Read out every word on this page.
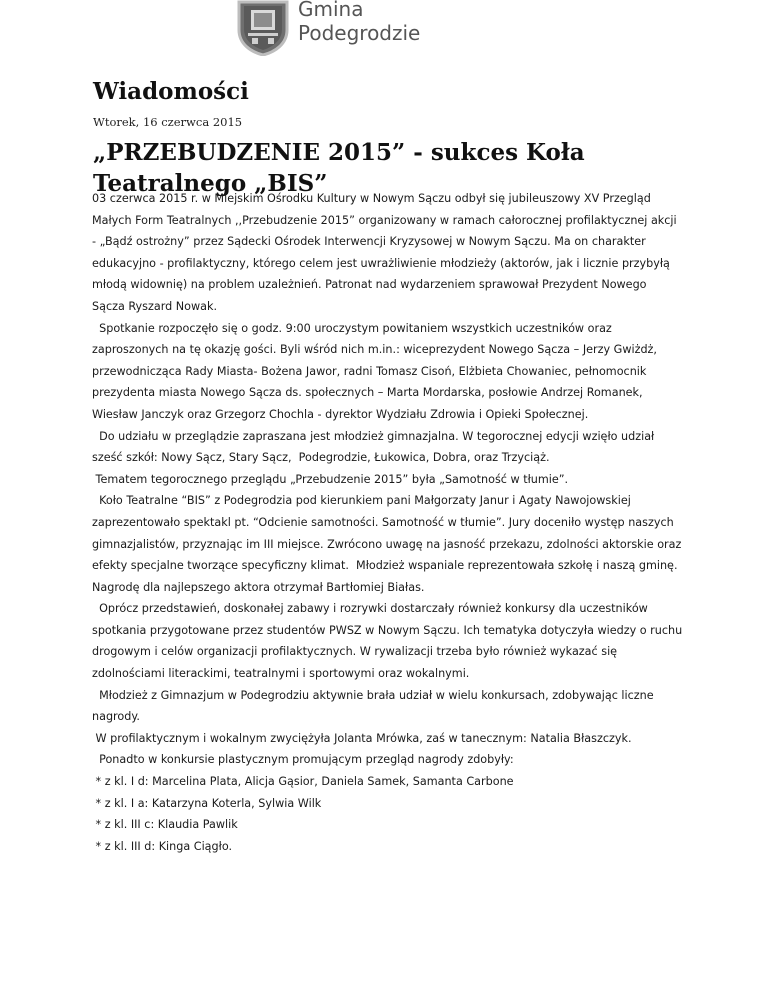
Gmina
Podegrodzie
Wiadomości
Wtorek, 16 czerwca 2015
„PRZEBUDZENIE 2015” - sukces Koła
Teatralnego „BIS”
03 czerwca 2015 r. w Miejskim Ośrodku Kultury w Nowym Sączu odbył się jubileuszowy XV Przegląd
Małych Form Teatralnych ,,Przebudzenie 2015” organizowany w ramach całorocznej profilaktycznej akcji
- „Bądź ostrożny” przez Sądecki Ośrodek Interwencji Kryzysowej w Nowym Sączu. Ma on charakter
edukacyjno - profilaktyczny, którego celem jest uwrażliwienie młodzieży (aktorów, jak i licznie przybyłą
młodą widownię) na problem uzależnień. Patronat nad wydarzeniem sprawował Prezydent Nowego
Sącza Ryszard Nowak.
Spotkanie rozpoczęło się o godz. 9:00 uroczystym powitaniem wszystkich uczestników oraz
zaproszonych na tę okazję gości. Byli wśród nich m.in.: wiceprezydent Nowego Sącza – Jerzy Gwiżdż,
przewodnicząca Rady Miasta- Bożena Jawor, radni Tomasz Cisoń, Elżbieta Chowaniec, pełnomocnik
prezydenta miasta Nowego Sącza ds. społecznych – Marta Mordarska, posłowie Andrzej Romanek,
Wiesław Janczyk oraz Grzegorz Chochla - dyrektor Wydziału Zdrowia i Opieki Społecznej.
Do udziału w przeglądzie zapraszana jest młodzież gimnazjalna. W tegorocznej edycji wzięło udział
sześć szkół: Nowy Sącz, Stary Sącz,  Podegrodzie, Łukowica, Dobra, oraz Trzyciąż.
Tematem tegorocznego przeglądu „Przebudzenie 2015” była „Samotność w tłumie”.
Koło Teatralne “BIS” z Podegrodzia pod kierunkiem pani Małgorzaty Janur i Agaty Nawojowskiej
zaprezentowało spektakl pt. “Odcienie samotności. Samotność w tłumie”. Jury doceniło występ naszych
gimnazjalistów, przyznając im III miejsce. Zwrócono uwagę na jasność przekazu, zdolności aktorskie oraz
efekty specjalne tworzące specyficzny klimat.  Młodzież wspaniale reprezentowała szkołę i naszą gminę.
Nagrodę dla najlepszego aktora otrzymał Bartłomiej Białas.
Oprócz przedstawień, doskonałej zabawy i rozrywki dostarczały również konkursy dla uczestników
spotkania przygotowane przez studentów PWSZ w Nowym Sączu. Ich tematyka dotyczyła wiedzy o ruchu
drogowym i celów organizacji profilaktycznych. W rywalizacji trzeba było również wykazać się
zdolnościami literackimi, teatralnymi i sportowymi oraz wokalnymi.
Młodzież z Gimnazjum w Podegrodziu aktywnie brała udział w wielu konkursach, zdobywając liczne
nagrody.
W profilaktycznym i wokalnym zwyciężyła Jolanta Mrówka, zaś w tanecznym: Natalia Błaszczyk.
Ponadto w konkursie plastycznym promującym przegląd nagrody zdobyły:
* z kl. I d: Marcelina Plata, Alicja Gąsior, Daniela Samek, Samanta Carbone
* z kl. I a: Katarzyna Koterla, Sylwia Wilk
* z kl. III c: Klaudia Pawlik
* z kl. III d: Kinga Ciągło.
